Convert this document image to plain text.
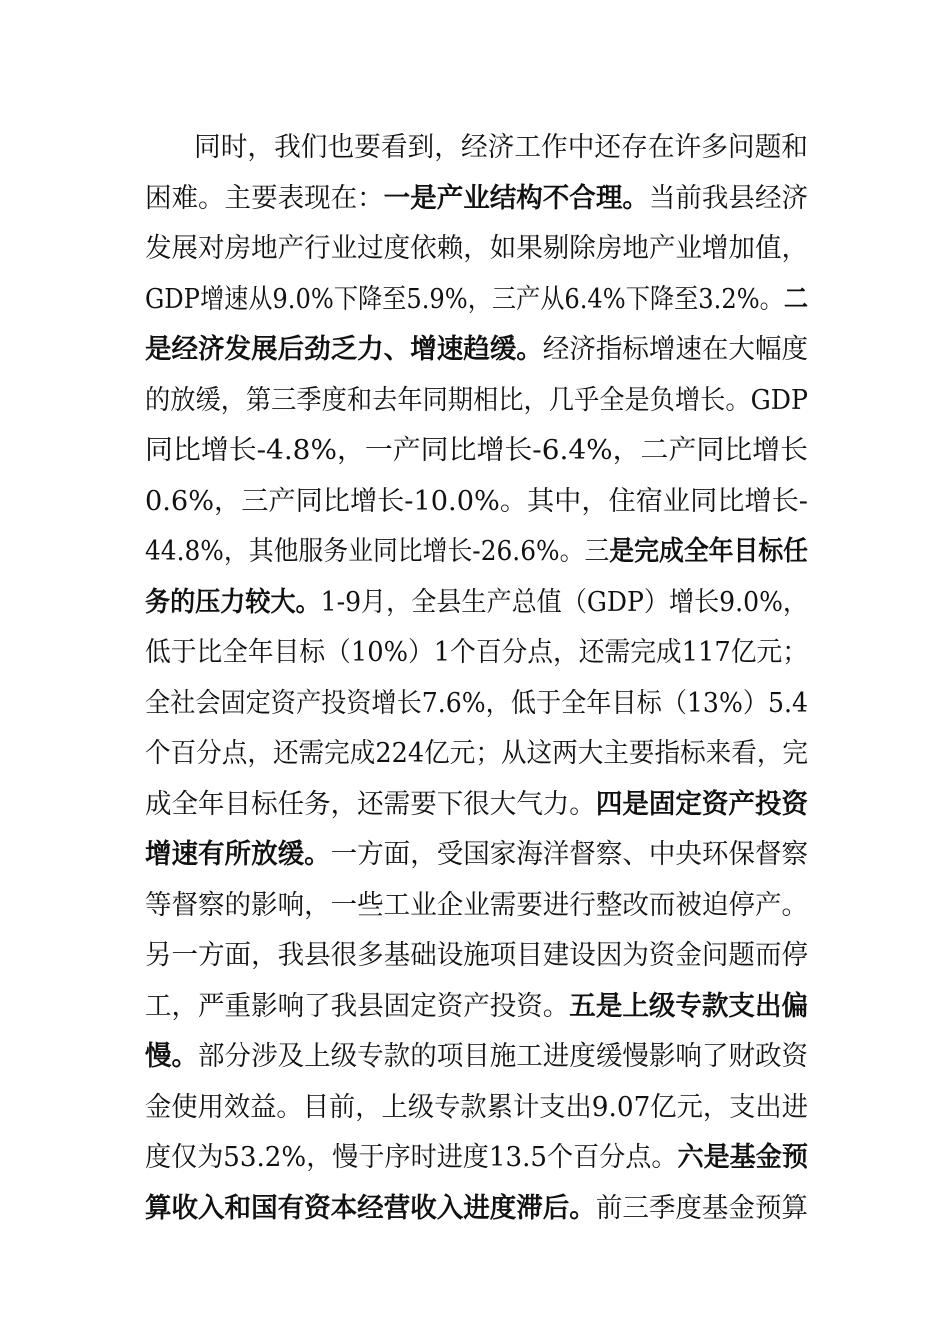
同时，我们也要看到，经济工作中还存在许多问题和
困难。主要表现在：一是产业结构不合理。当前我县经济
发展对房地产行业过度依赖，如果剔除房地产业增加值，
GDP增速从9.0%下降至5.9%，三产从6.4%下降至3.2%。二
是经济发展后劲乏力、增速趋缓。经济指标增速在大幅度
的放缓，第三季度和去年同期相比，几乎全是负增长。GDP
同比增长-4.8%，一产同比增长-6.4%，二产同比增长
0.6%，三产同比增长-10.0%。其中，住宿业同比增长-
44.8%，其他服务业同比增长-26.6%。三是完成全年目标任
务的压力较大。1-9月，全县生产总值（GDP）增长9.0%，
低于比全年目标（10%）1个百分点，还需完成117亿元；
全社会固定资产投资增长7.6%，低于全年目标（13%）5.4
个百分点，还需完成224亿元；从这两大主要指标来看，完
成全年目标任务，还需要下很大气力。四是固定资产投资
增速有所放缓。一方面，受国家海洋督察、中央环保督察
等督察的影响，一些工业企业需要进行整改而被迫停产。
另一方面，我县很多基础设施项目建设因为资金问题而停
工，严重影响了我县固定资产投资。五是上级专款支出偏
慢。部分涉及上级专款的项目施工进度缓慢影响了财政资
金使用效益。目前，上级专款累计支出9.07亿元，支出进
度仅为53.2%，慢于序时进度13.5个百分点。六是基金预
算收入和国有资本经营收入进度滞后。前三季度基金预算
